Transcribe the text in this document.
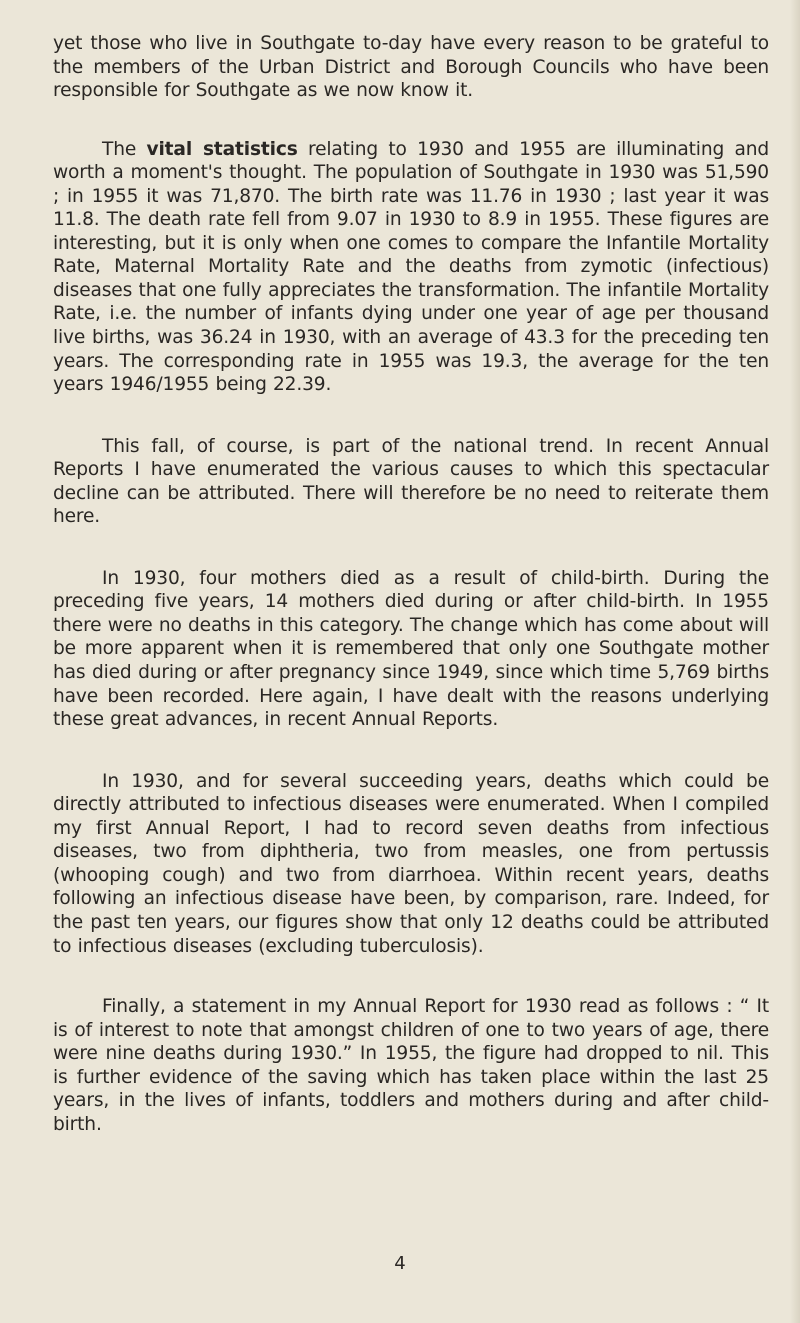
yet those who live in Southgate to-day have every reason to be grateful to the members of the Urban District and Borough Councils who have been responsible for Southgate as we now know it.

The vital statistics relating to 1930 and 1955 are illuminating and worth a moment's thought. The population of Southgate in 1930 was 51,590 ; in 1955 it was 71,870. The birth rate was 11.76 in 1930 ; last year it was 11.8. The death rate fell from 9.07 in 1930 to 8.9 in 1955. These figures are interesting, but it is only when one comes to compare the Infantile Mortality Rate, Maternal Mortality Rate and the deaths from zymotic (infectious) diseases that one fully appreciates the transformation. The infantile Mortality Rate, i.e. the number of infants dying under one year of age per thousand live births, was 36.24 in 1930, with an average of 43.3 for the preceding ten years. The corresponding rate in 1955 was 19.3, the average for the ten years 1946/1955 being 22.39.

This fall, of course, is part of the national trend. In recent Annual Reports I have enumerated the various causes to which this spectacular decline can be attributed. There will therefore be no need to reiterate them here.

In 1930, four mothers died as a result of child-birth. During the preceding five years, 14 mothers died during or after child-birth. In 1955 there were no deaths in this category. The change which has come about will be more apparent when it is remembered that only one Southgate mother has died during or after pregnancy since 1949, since which time 5,769 births have been recorded. Here again, I have dealt with the reasons underlying these great advances, in recent Annual Reports.

In 1930, and for several succeeding years, deaths which could be directly attributed to infectious diseases were enumerated. When I compiled my first Annual Report, I had to record seven deaths from infectious diseases, two from diphtheria, two from measles, one from pertussis (whooping cough) and two from diarrhoea. Within recent years, deaths following an infectious disease have been, by comparison, rare. Indeed, for the past ten years, our figures show that only 12 deaths could be attributed to infectious diseases (excluding tuberculosis).

Finally, a statement in my Annual Report for 1930 read as follows : “ It is of interest to note that amongst children of one to two years of age, there were nine deaths during 1930.” In 1955, the figure had dropped to nil. This is further evidence of the saving which has taken place within the last 25 years, in the lives of infants, toddlers and mothers during and after child-birth.

4
